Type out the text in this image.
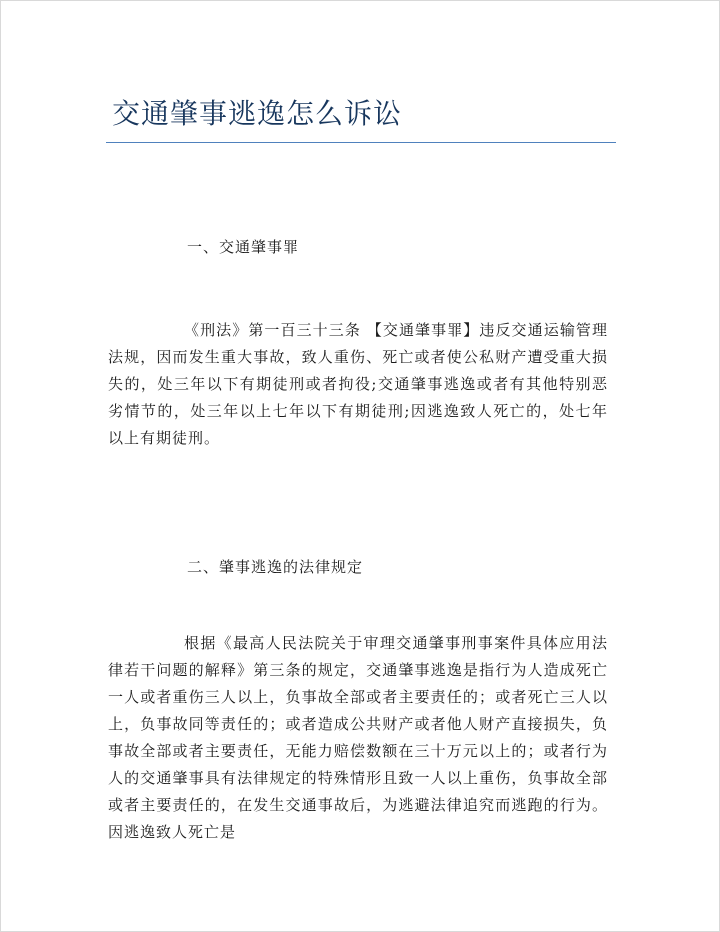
交通肇事逃逸怎么诉讼
一、交通肇事罪

《刑法》第一百三十三条 【交通肇事罪】违反交通运输管理法规，因而发生重大事故，致人重伤、死亡或者使公私财产遭受重大损失的，处三年以下有期徒刑或者拘役;交通肇事逃逸或者有其他特别恶劣情节的，处三年以上七年以下有期徒刑;因逃逸致人死亡的，处七年以上有期徒刑。

二、肇事逃逸的法律规定

根据《最高人民法院关于审理交通肇事刑事案件具体应用法律若干问题的解释》第三条的规定，交通肇事逃逸是指行为人造成死亡一人或者重伤三人以上，负事故全部或者主要责任的；或者死亡三人以上，负事故同等责任的；或者造成公共财产或者他人财产直接损失，负事故全部或者主要责任，无能力赔偿数额在三十万元以上的；或者行为人的交通肇事具有法律规定的特殊情形且致一人以上重伤，负事故全部或者主要责任的，在发生交通事故后，为逃避法律追究而逃跑的行为。因逃逸致人死亡是
